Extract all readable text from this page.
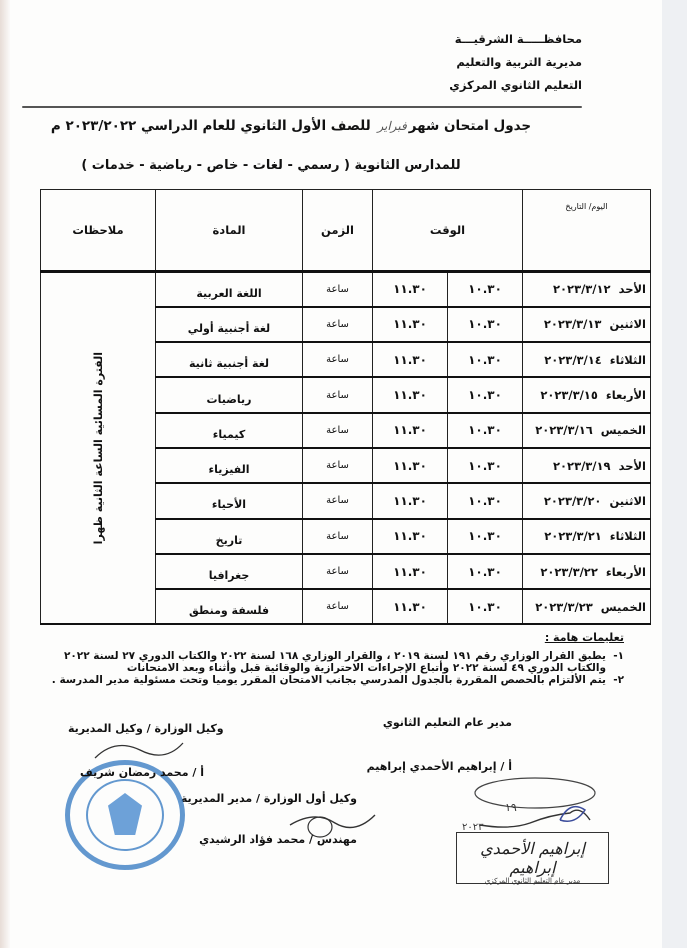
محافظـــــة الشرقيـــة
مديرية التربية والتعليم
التعليم الثانوي المركزي
جدول امتحان شهرفبراير للصف الأول الثانوي للعام الدراسي ٢٠٢٣/٢٠٢٢ م
للمدارس الثانوية ( رسمي - لغات - خاص - رياضية - خدمات )
اليوم/ التاريخ	الوقت		الزمن	المادة	ملاحظات
الأحد٢٠٢٣/٣/١٢	١٠.٣٠	١١.٣٠	ساعة	اللغة العربية	الفترة المسائية الساعة الثانية ظهرا

الاثنين٢٠٢٣/٣/١٣	١٠.٣٠	١١.٣٠	ساعة	لغة أجنبية أولي	
الثلاثاء٢٠٢٣/٣/١٤	١٠.٣٠	١١.٣٠	ساعة	لغة أجنبية ثانية	
الأربعاء٢٠٢٣/٣/١٥	١٠.٣٠	١١.٣٠	ساعة	رياضيات	
الخميس٢٠٢٣/٣/١٦	١٠.٣٠	١١.٣٠	ساعة	كيمياء	
الأحد٢٠٢٣/٣/١٩	١٠.٣٠	١١.٣٠	ساعة	الفيزياء	
الاثنين٢٠٢٣/٣/٢٠	١٠.٣٠	١١.٣٠	ساعة	الأحياء	
الثلاثاء٢٠٢٣/٣/٢١	١٠.٣٠	١١.٣٠	ساعة	تاريخ	
الأربعاء٢٠٢٣/٣/٢٢	١٠.٣٠	١١.٣٠	ساعة	جغرافيا	
الخميس٢٠٢٣/٣/٢٣	١٠.٣٠	١١.٣٠	ساعة	فلسفة ومنطق	
تعليمات هامة :
١-
يطبق القرار الوزاري رقم ١٩١ لسنة ٢٠١٩ ، والقرار الوزاري ١٦٨ لسنة ٢٠٢٢ والكتاب الدوري ٢٧ لسنة ٢٠٢٢ والكتاب الدوري ٤٩ لسنة ٢٠٢٢ وأتباع الإجراءات الاحترازية والوقائية قبل وأثناء وبعد الامتحانات
٢-
يتم الألتزام بالحصص المقررة بالجدول المدرسي بجانب الامتحان المقرر يوميا وتحت مسئولية مدير المدرسة .
مدير عام التعليم الثانوي
أ / إبراهيم الأحمدي إبراهيم
١٩
٢٠٢٣
إبراهيم الأحمدي إبراهيم
مدير عام التعليم الثانوي المركزي
وكيل أول الوزارة / مدير المديرية
مهندس / محمد فؤاد الرشيدي
وكيل الوزارة / وكيل المديرية
أ / محمد رمضان شريف
